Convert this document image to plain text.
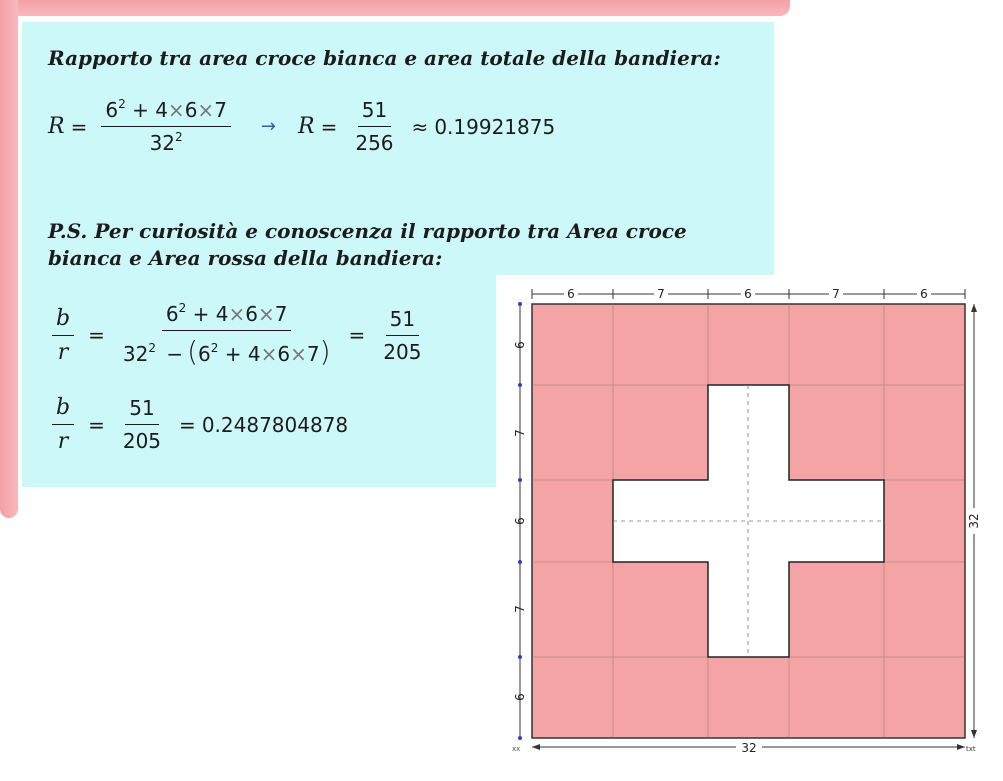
Rapporto tra area croce bianca e area totale della bandiera:
$R = \frac{6^2 + 4\times 6\times 7}{32^2} \to R = \frac{51}{256} \approx 0.19921875$
P.S. Per curiosità e conoscenza il rapporto tra Area croce
bianca e Area rossa della bandiera:
$\frac{b}{r} = \frac{6^2 + 4\times 6\times 7}{32^2 - (6^2 + 4\times 6\times 7)} = \frac{51}{205}$
$\frac{b}{r} = \frac{51}{205} = 0.2487804878$
6	7	6	7	6
6
7
6
7
6
32
xx	txt
32
